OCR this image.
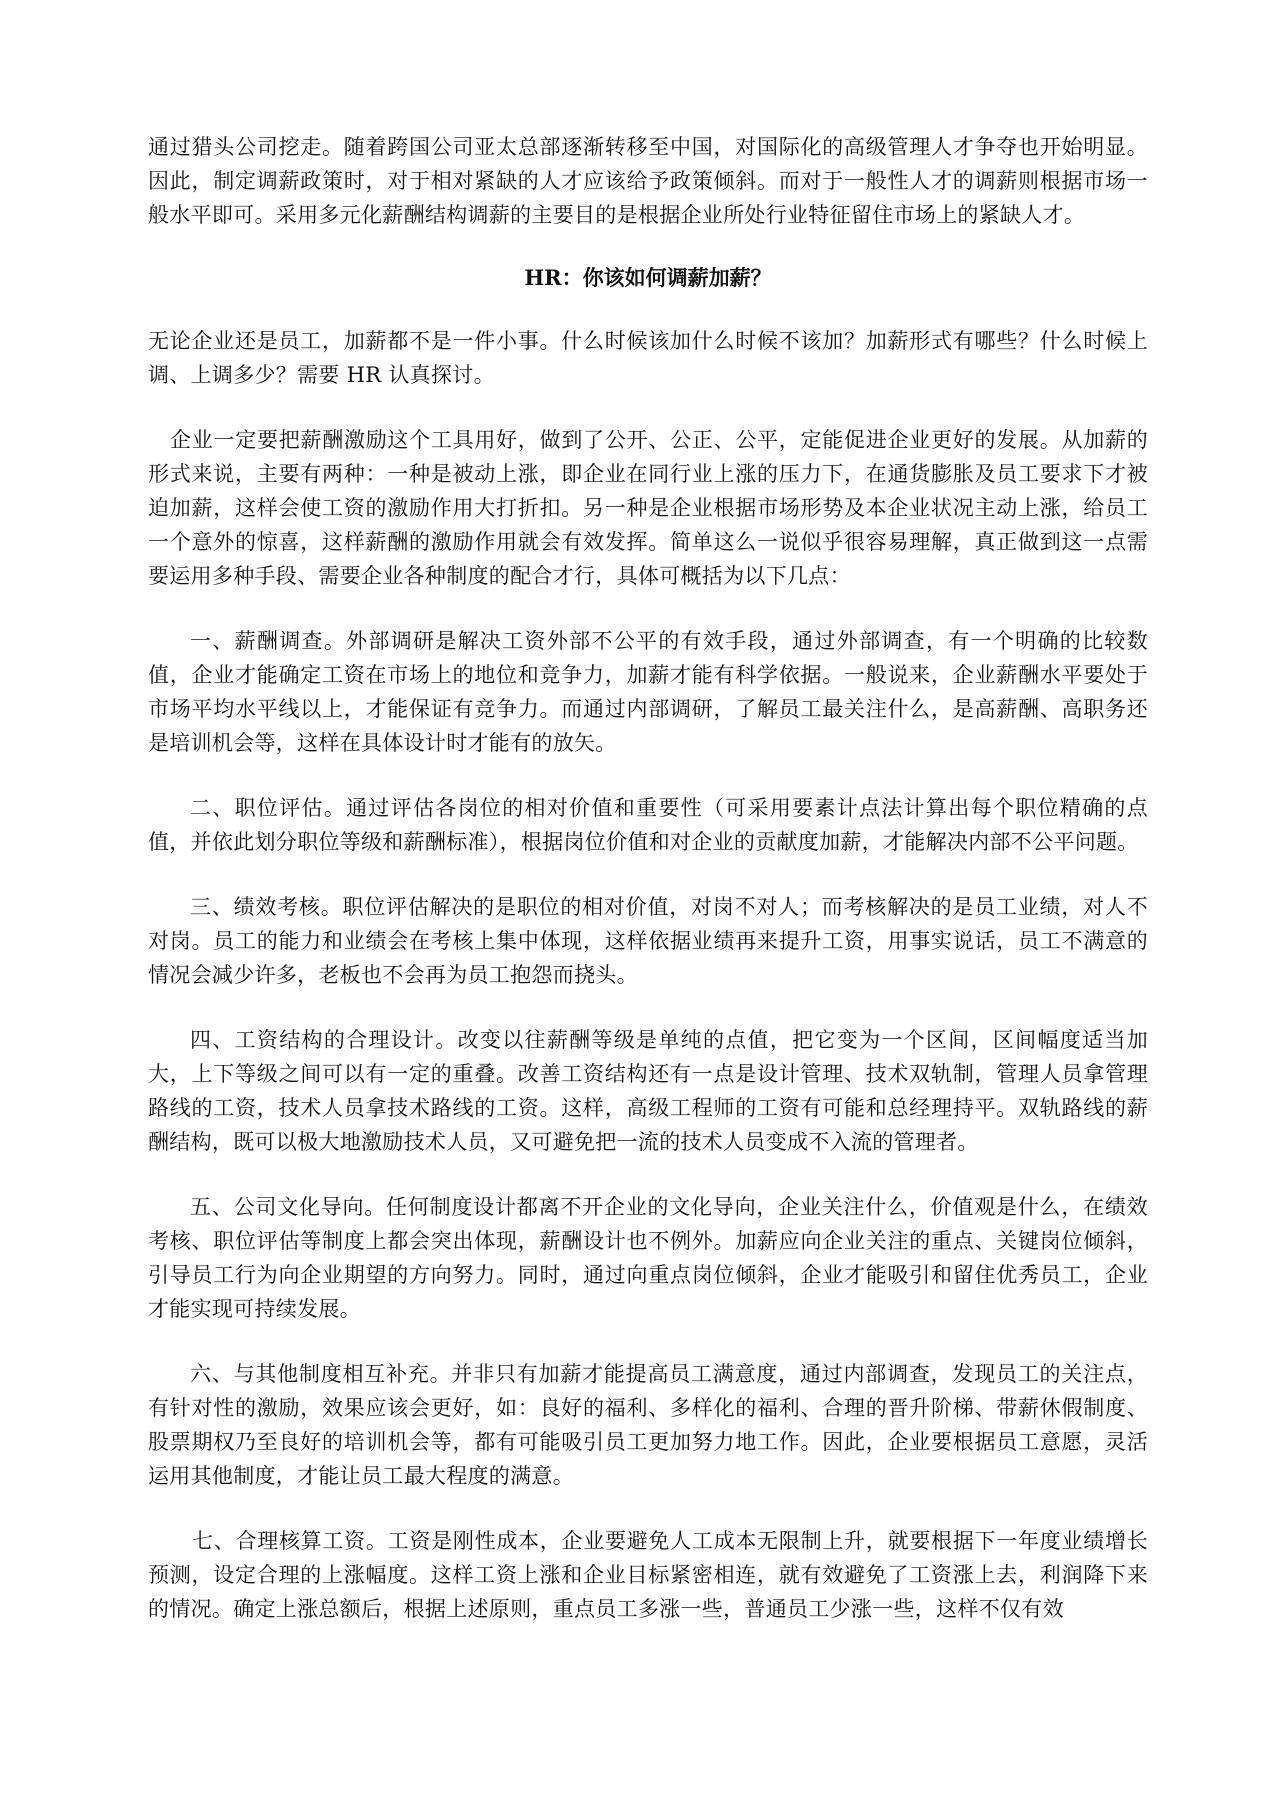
通过猎头公司挖走。随着跨国公司亚太总部逐渐转移至中国，对国际化的高级管理人才争夺也开始明显。因此，制定调薪政策时，对于相对紧缺的人才应该给予政策倾斜。而对于一般性人才的调薪则根据市场一般水平即可。采用多元化薪酬结构调薪的主要目的是根据企业所处行业特征留住市场上的紧缺人才。

HR：你该如何调薪加薪？

无论企业还是员工，加薪都不是一件小事。什么时候该加什么时候不该加？加薪形式有哪些？什么时候上调、上调多少？需要 HR 认真探讨。

企业一定要把薪酬激励这个工具用好，做到了公开、公正、公平，定能促进企业更好的发展。从加薪的形式来说，主要有两种：一种是被动上涨，即企业在同行业上涨的压力下，在通货膨胀及员工要求下才被迫加薪，这样会使工资的激励作用大打折扣。另一种是企业根据市场形势及本企业状况主动上涨，给员工一个意外的惊喜，这样薪酬的激励作用就会有效发挥。简单这么一说似乎很容易理解，真正做到这一点需要运用多种手段、需要企业各种制度的配合才行，具体可概括为以下几点：

一、薪酬调查。外部调研是解决工资外部不公平的有效手段，通过外部调查，有一个明确的比较数值，企业才能确定工资在市场上的地位和竞争力，加薪才能有科学依据。一般说来，企业薪酬水平要处于市场平均水平线以上，才能保证有竞争力。而通过内部调研，了解员工最关注什么，是高薪酬、高职务还是培训机会等，这样在具体设计时才能有的放矢。

二、职位评估。通过评估各岗位的相对价值和重要性（可采用要素计点法计算出每个职位精确的点值，并依此划分职位等级和薪酬标准），根据岗位价值和对企业的贡献度加薪，才能解决内部不公平问题。

三、绩效考核。职位评估解决的是职位的相对价值，对岗不对人；而考核解决的是员工业绩，对人不对岗。员工的能力和业绩会在考核上集中体现，这样依据业绩再来提升工资，用事实说话，员工不满意的情况会减少许多，老板也不会再为员工抱怨而挠头。

四、工资结构的合理设计。改变以往薪酬等级是单纯的点值，把它变为一个区间，区间幅度适当加大，上下等级之间可以有一定的重叠。改善工资结构还有一点是设计管理、技术双轨制，管理人员拿管理路线的工资，技术人员拿技术路线的工资。这样，高级工程师的工资有可能和总经理持平。双轨路线的薪酬结构，既可以极大地激励技术人员，又可避免把一流的技术人员变成不入流的管理者。

五、公司文化导向。任何制度设计都离不开企业的文化导向，企业关注什么，价值观是什么，在绩效考核、职位评估等制度上都会突出体现，薪酬设计也不例外。加薪应向企业关注的重点、关键岗位倾斜，引导员工行为向企业期望的方向努力。同时，通过向重点岗位倾斜，企业才能吸引和留住优秀员工，企业才能实现可持续发展。

六、与其他制度相互补充。并非只有加薪才能提高员工满意度，通过内部调查，发现员工的关注点，有针对性的激励，效果应该会更好，如：良好的福利、多样化的福利、合理的晋升阶梯、带薪休假制度、股票期权乃至良好的培训机会等，都有可能吸引员工更加努力地工作。因此，企业要根据员工意愿，灵活运用其他制度，才能让员工最大程度的满意。

七、合理核算工资。工资是刚性成本，企业要避免人工成本无限制上升，就要根据下一年度业绩增长预测，设定合理的上涨幅度。这样工资上涨和企业目标紧密相连，就有效避免了工资涨上去，利润降下来的情况。确定上涨总额后，根据上述原则，重点员工多涨一些，普通员工少涨一些，这样不仅有效
